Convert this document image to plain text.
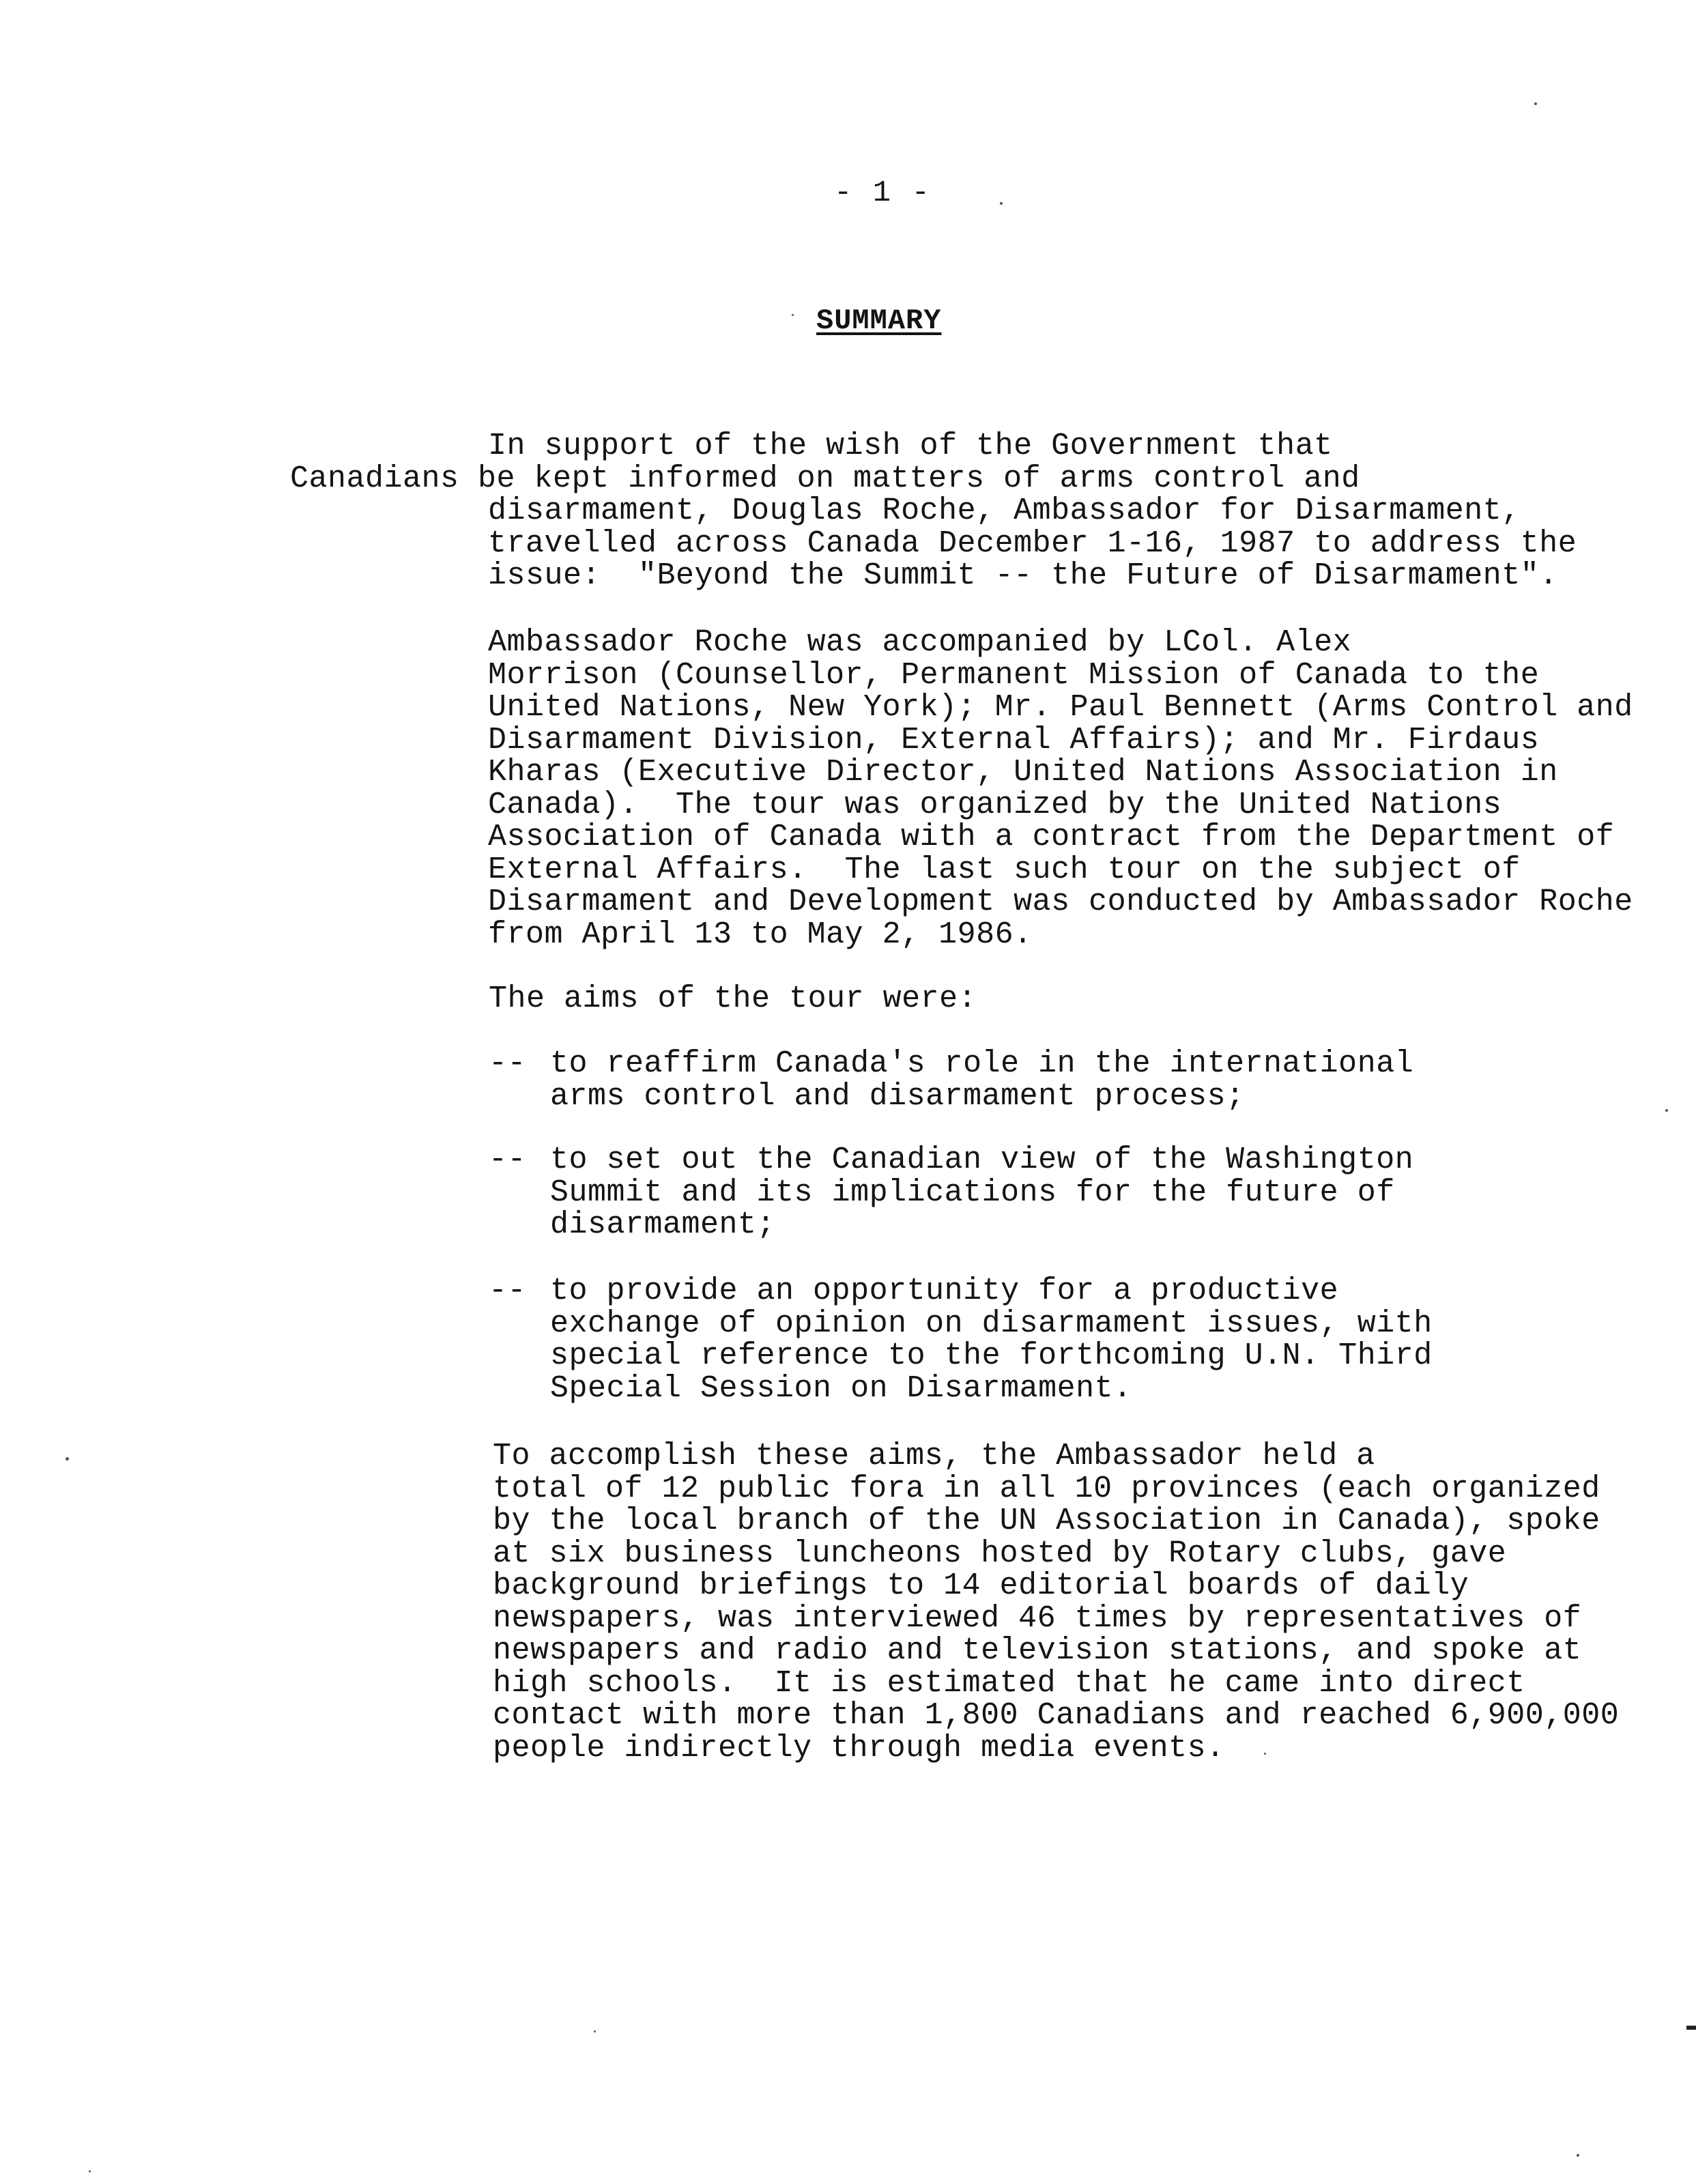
- 1 -
SUMMARY

In support of the wish of the Government that
Canadians be kept informed on matters of arms control and
disarmament, Douglas Roche, Ambassador for Disarmament,
travelled across Canada December 1-16, 1987 to address the
issue:  "Beyond the Summit -- the Future of Disarmament".

Ambassador Roche was accompanied by LCol. Alex
Morrison (Counsellor, Permanent Mission of Canada to the
United Nations, New York); Mr. Paul Bennett (Arms Control and
Disarmament Division, External Affairs); and Mr. Firdaus
Kharas (Executive Director, United Nations Association in
Canada).  The tour was organized by the United Nations
Association of Canada with a contract from the Department of
External Affairs.  The last such tour on the subject of
Disarmament and Development was conducted by Ambassador Roche
from April 13 to May 2, 1986.

The aims of the tour were:
-- to reaffirm Canada's role in the international
arms control and disarmament process;
-- to set out the Canadian view of the Washington
Summit and its implications for the future of
disarmament;
-- to provide an opportunity for a productive
exchange of opinion on disarmament issues, with
special reference to the forthcoming U.N. Third
Special Session on Disarmament.

To accomplish these aims, the Ambassador held a
total of 12 public fora in all 10 provinces (each organized
by the local branch of the UN Association in Canada), spoke
at six business luncheons hosted by Rotary clubs, gave
background briefings to 14 editorial boards of daily
newspapers, was interviewed 46 times by representatives of
newspapers and radio and television stations, and spoke at
high schools.  It is estimated that he came into direct
contact with more than 1,800 Canadians and reached 6,900,000
people indirectly through media events.
